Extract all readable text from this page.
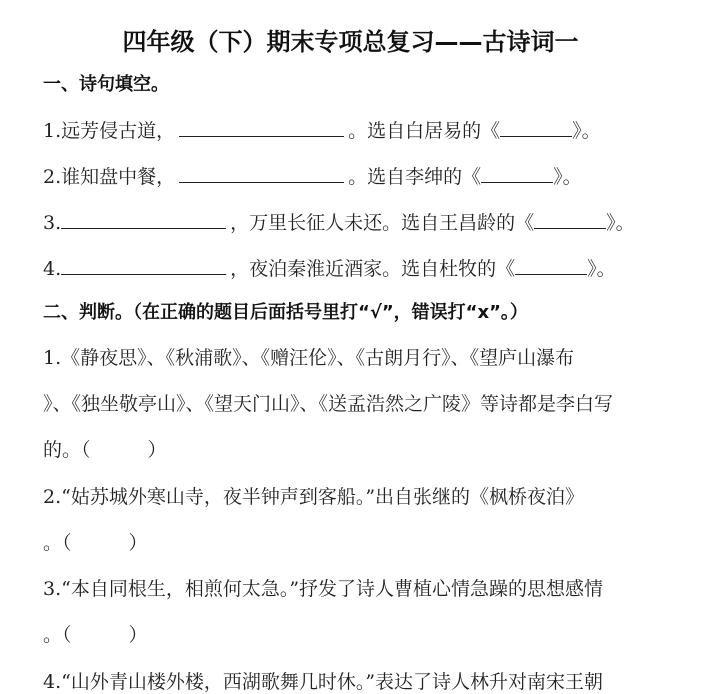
四年级（下）期末专项总复习——古诗词一
一、诗句填空。
1.远芳侵古道，	。选自白居易的《	》。
2.谁知盘中餐，	。选自李绅的《	》。
3.	，万里长征人未还。选自王昌龄的《	》。
4.	，夜泊秦淮近酒家。选自杜牧的《	》。
二、判断。（在正确的题目后面括号里打“√”，错误打“x”。）
1.《静夜思》、《秋浦歌》、《赠汪伦》、《古朗月行》、《望庐山瀑布
》、《独坐敬亭山》、《望天门山》、《送孟浩然之广陵》等诗都是李白写
的。（　　　）
2.“姑苏城外寒山寺，夜半钟声到客船。”出自张继的《枫桥夜泊》
。（　　　）
3.“本自同根生，相煎何太急。”抒发了诗人曹植心情急躁的思想感情
。（　　　）
4.“山外青山楼外楼，西湖歌舞几时休。”表达了诗人林升对南宋王朝
